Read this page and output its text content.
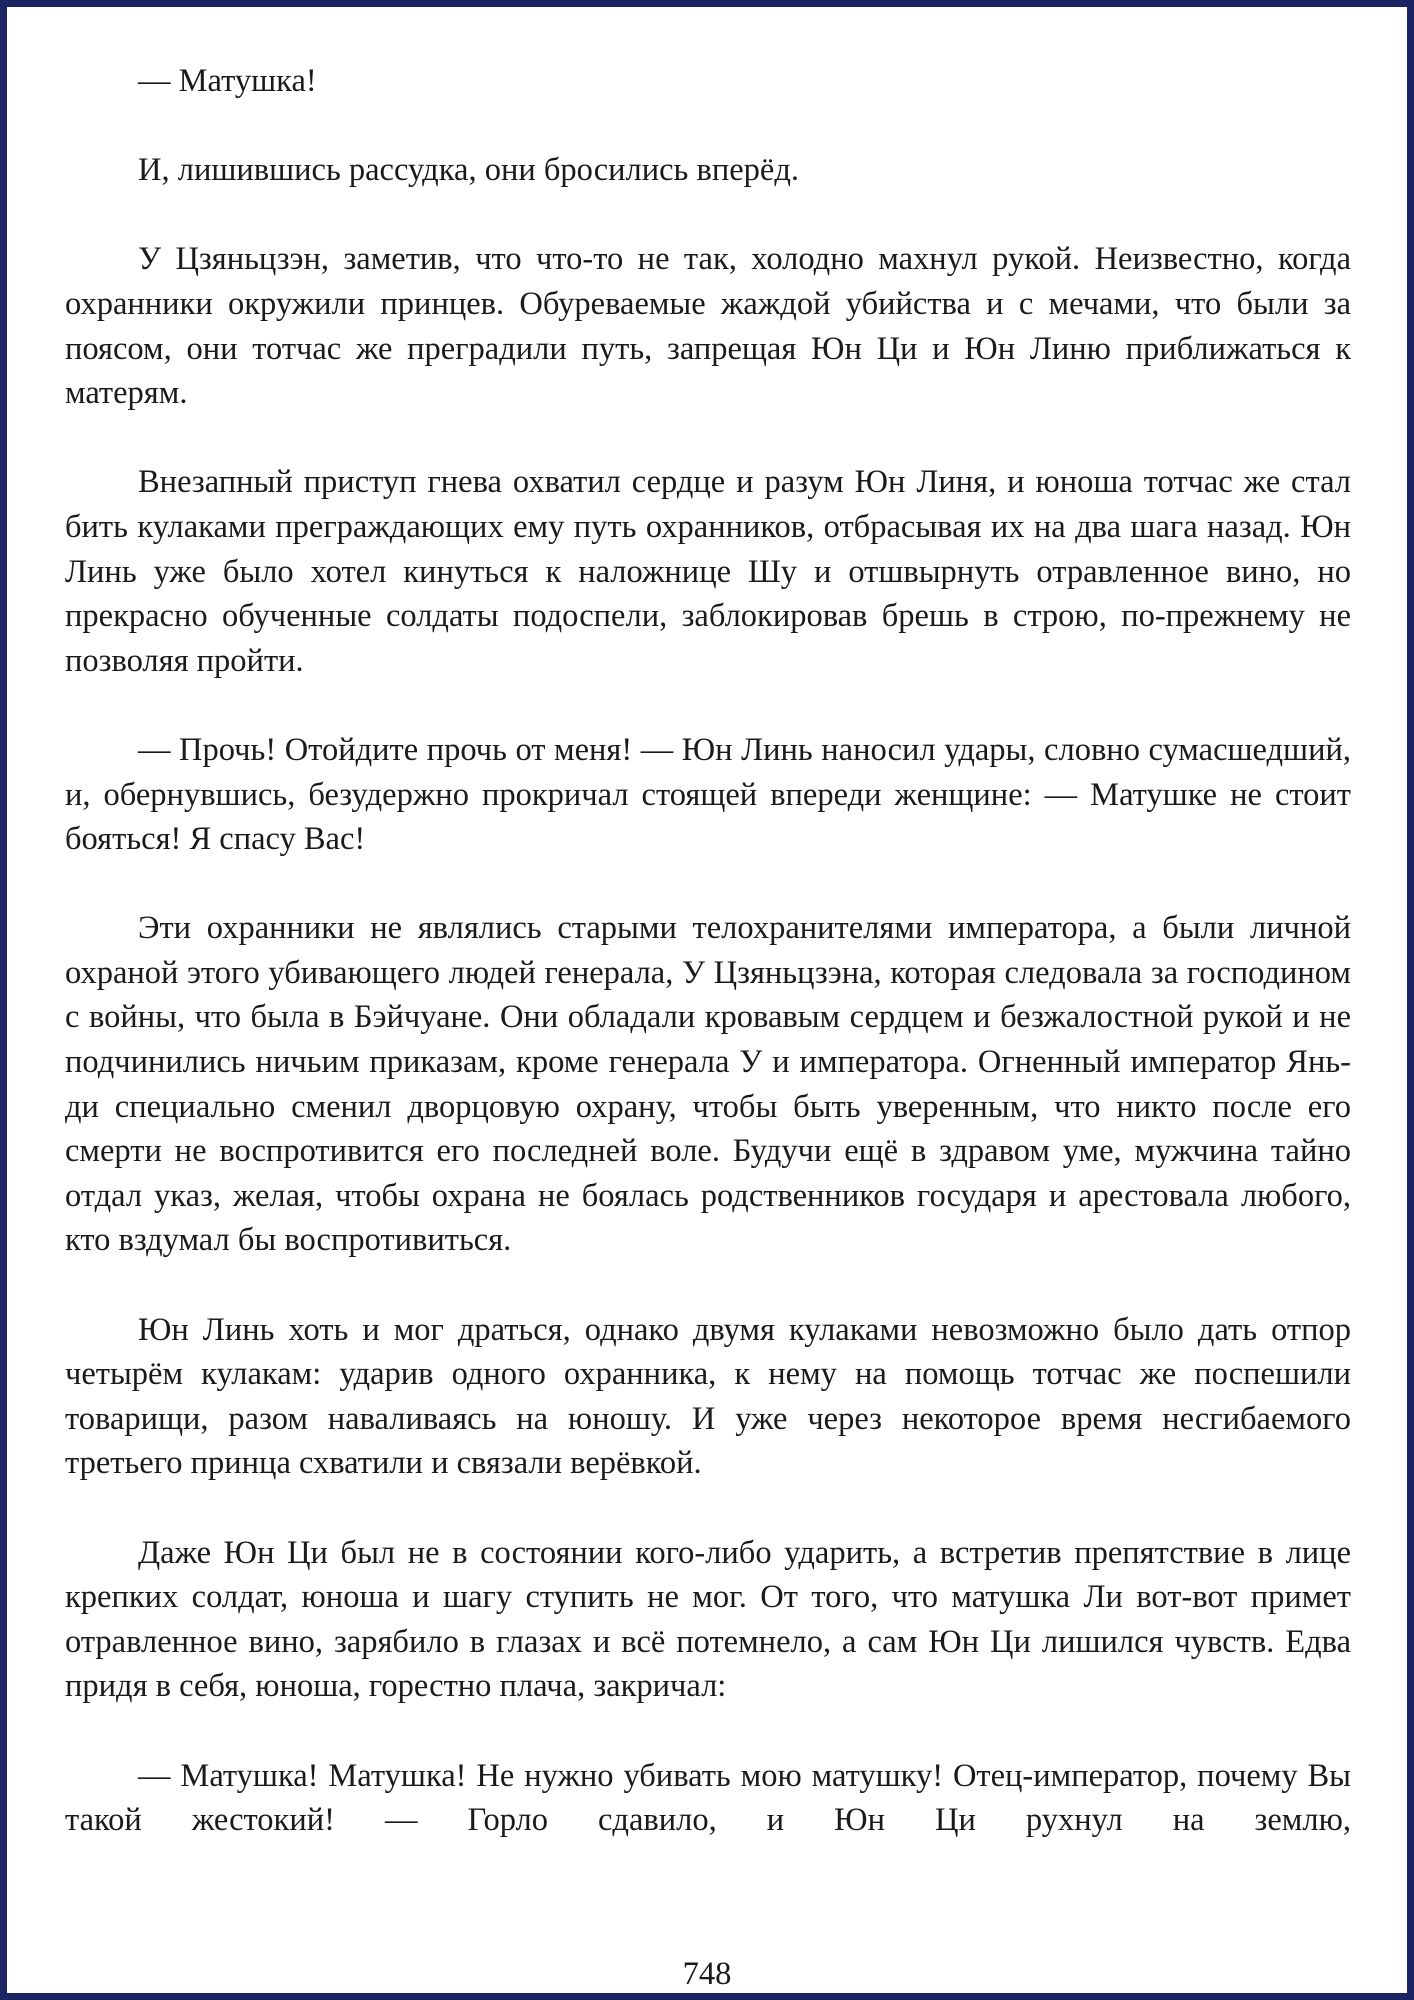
— Матушка!

И, лишившись рассудка, они бросились вперёд.

У Цзяньцзэн, заметив, что что-то не так, холодно махнул рукой. Неизвестно, когда охранники окружили принцев. Обуреваемые жаждой убийства и с мечами, что были за поясом, они тотчас же преградили путь, запрещая Юн Ци и Юн Линю приближаться к матерям.

Внезапный приступ гнева охватил сердце и разум Юн Линя, и юноша тотчас же стал бить кулаками преграждающих ему путь охранников, отбрасывая их на два шага назад. Юн Линь уже было хотел кинуться к наложнице Шу и отшвырнуть отравленное вино, но прекрасно обученные солдаты подоспели, заблокировав брешь в строю, по-прежнему не позволяя пройти.

— Прочь! Отойдите прочь от меня! — Юн Линь наносил удары, словно сумасшедший, и, обернувшись, безудержно прокричал стоящей впереди женщине: — Матушке не стоит бояться! Я спасу Вас!

Эти охранники не являлись старыми телохранителями императора, а были личной охраной этого убивающего людей генерала, У Цзяньцзэна, которая следовала за господином с войны, что была в Бэйчуане. Они обладали кровавым сердцем и безжалостной рукой и не подчинились ничьим приказам, кроме генерала У и императора. Огненный император Янь-ди специально сменил дворцовую охрану, чтобы быть уверенным, что никто после его смерти не воспротивится его последней воле. Будучи ещё в здравом уме, мужчина тайно отдал указ, желая, чтобы охрана не боялась родственников государя и арестовала любого, кто вздумал бы воспротивиться.

Юн Линь хоть и мог драться, однако двумя кулаками невозможно было дать отпор четырём кулакам: ударив одного охранника, к нему на помощь тотчас же поспешили товарищи, разом наваливаясь на юношу. И уже через некоторое время несгибаемого третьего принца схватили и связали верёвкой.

Даже Юн Ци был не в состоянии кого-либо ударить, а встретив препятствие в лице крепких солдат, юноша и шагу ступить не мог. От того, что матушка Ли вот-вот примет отравленное вино, зарябило в глазах и всё потемнело, а сам Юн Ци лишился чувств. Едва придя в себя, юноша, горестно плача, закричал:

— Матушка! Матушка! Не нужно убивать мою матушку! Отец-император, почему Вы такой жестокий! — Горло сдавило, и Юн Ци рухнул на землю,

748
